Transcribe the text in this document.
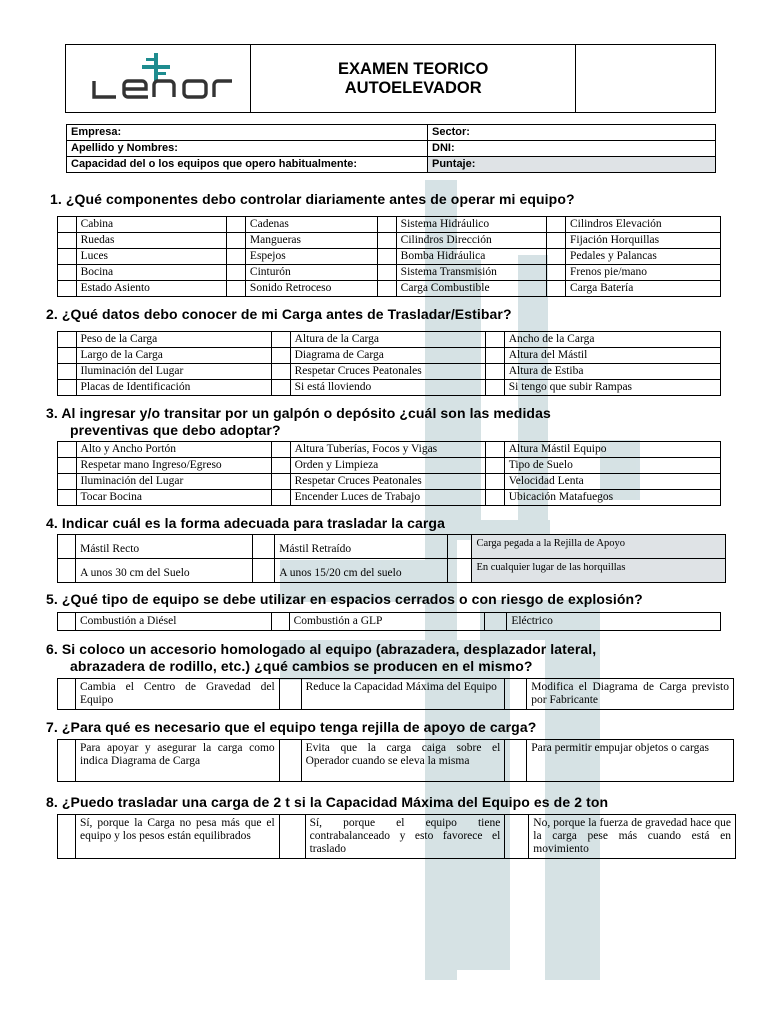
EXAMEN TEORICO
AUTOELEVADOR

Empresa:	Sector:
Apellido y Nombres:	DNI:
Capacidad del o los equipos que opero habitualmente:	Puntaje:
1. ¿Qué componentes debo controlar diariamente antes de operar mi equipo?
	Cabina		Cadenas		Sistema Hidráulico		Cilindros Elevación
	Ruedas		Mangueras		Cilindros Dirección		Fijación Horquillas
	Luces		Espejos		Bomba Hidráulica		Pedales y Palancas
	Bocina		Cinturón		Sistema Transmisión		Frenos pie/mano
	Estado Asiento		Sonido Retroceso		Carga Combustible		Carga Batería
2. ¿Qué datos debo conocer de mi Carga antes de Trasladar/Estibar?
	Peso de la Carga		Altura de la Carga		Ancho de la Carga
	Largo de la Carga		Diagrama de Carga		Altura del Mástil
	Iluminación del Lugar		Respetar Cruces Peatonales		Altura de Estiba
	Placas de Identificación		Si está lloviendo		Si tengo que subir Rampas
3. Al ingresar y/o transitar por un galpón o depósito ¿cuál son las medidas
preventivas que debo adoptar?
	Alto y Ancho Portón		Altura Tuberías, Focos y Vigas		Altura Mástil Equipo
	Respetar mano Ingreso/Egreso		Orden y Limpieza		Tipo de Suelo
	Iluminación del Lugar		Respetar Cruces Peatonales		Velocidad Lenta
	Tocar Bocina		Encender Luces de Trabajo		Ubicación Matafuegos
4. Indicar cuál es la forma adecuada para trasladar la carga
	Mástil Recto		Mástil Retraído		Carga pegada a la Rejilla de Apoyo
	A unos 30 cm del Suelo		A unos 15/20 cm del suelo		En cualquier lugar de las horquillas
5. ¿Qué tipo de equipo se debe utilizar en espacios cerrados o con riesgo de explosión?
	Combustión a Diésel		Combustión a GLP		Eléctrico
6. Si coloco un accesorio homologado al equipo (abrazadera, desplazador lateral,
abrazadera de rodillo, etc.) ¿qué cambios se producen en el mismo?
	Cambia el Centro de Gravedad del Equipo		Reduce la Capacidad Máxima del Equipo		Modifica el Diagrama de Carga previsto por Fabricante
7. ¿Para qué es necesario que el equipo tenga rejilla de apoyo de carga?
	Para apoyar y asegurar la carga como indica Diagrama de Carga		Evita que la carga caiga sobre el Operador cuando se eleva la misma		Para permitir empujar objetos o cargas
8. ¿Puedo trasladar una carga de 2 t si la Capacidad Máxima del Equipo es de 2 ton
	Sí, porque la Carga no pesa más que el equipo y los pesos están equilibrados		Sí, porque el equipo tiene contrabalanceado y esto favorece el traslado		No, porque la fuerza de gravedad hace que la carga pese más cuando está en movimiento
